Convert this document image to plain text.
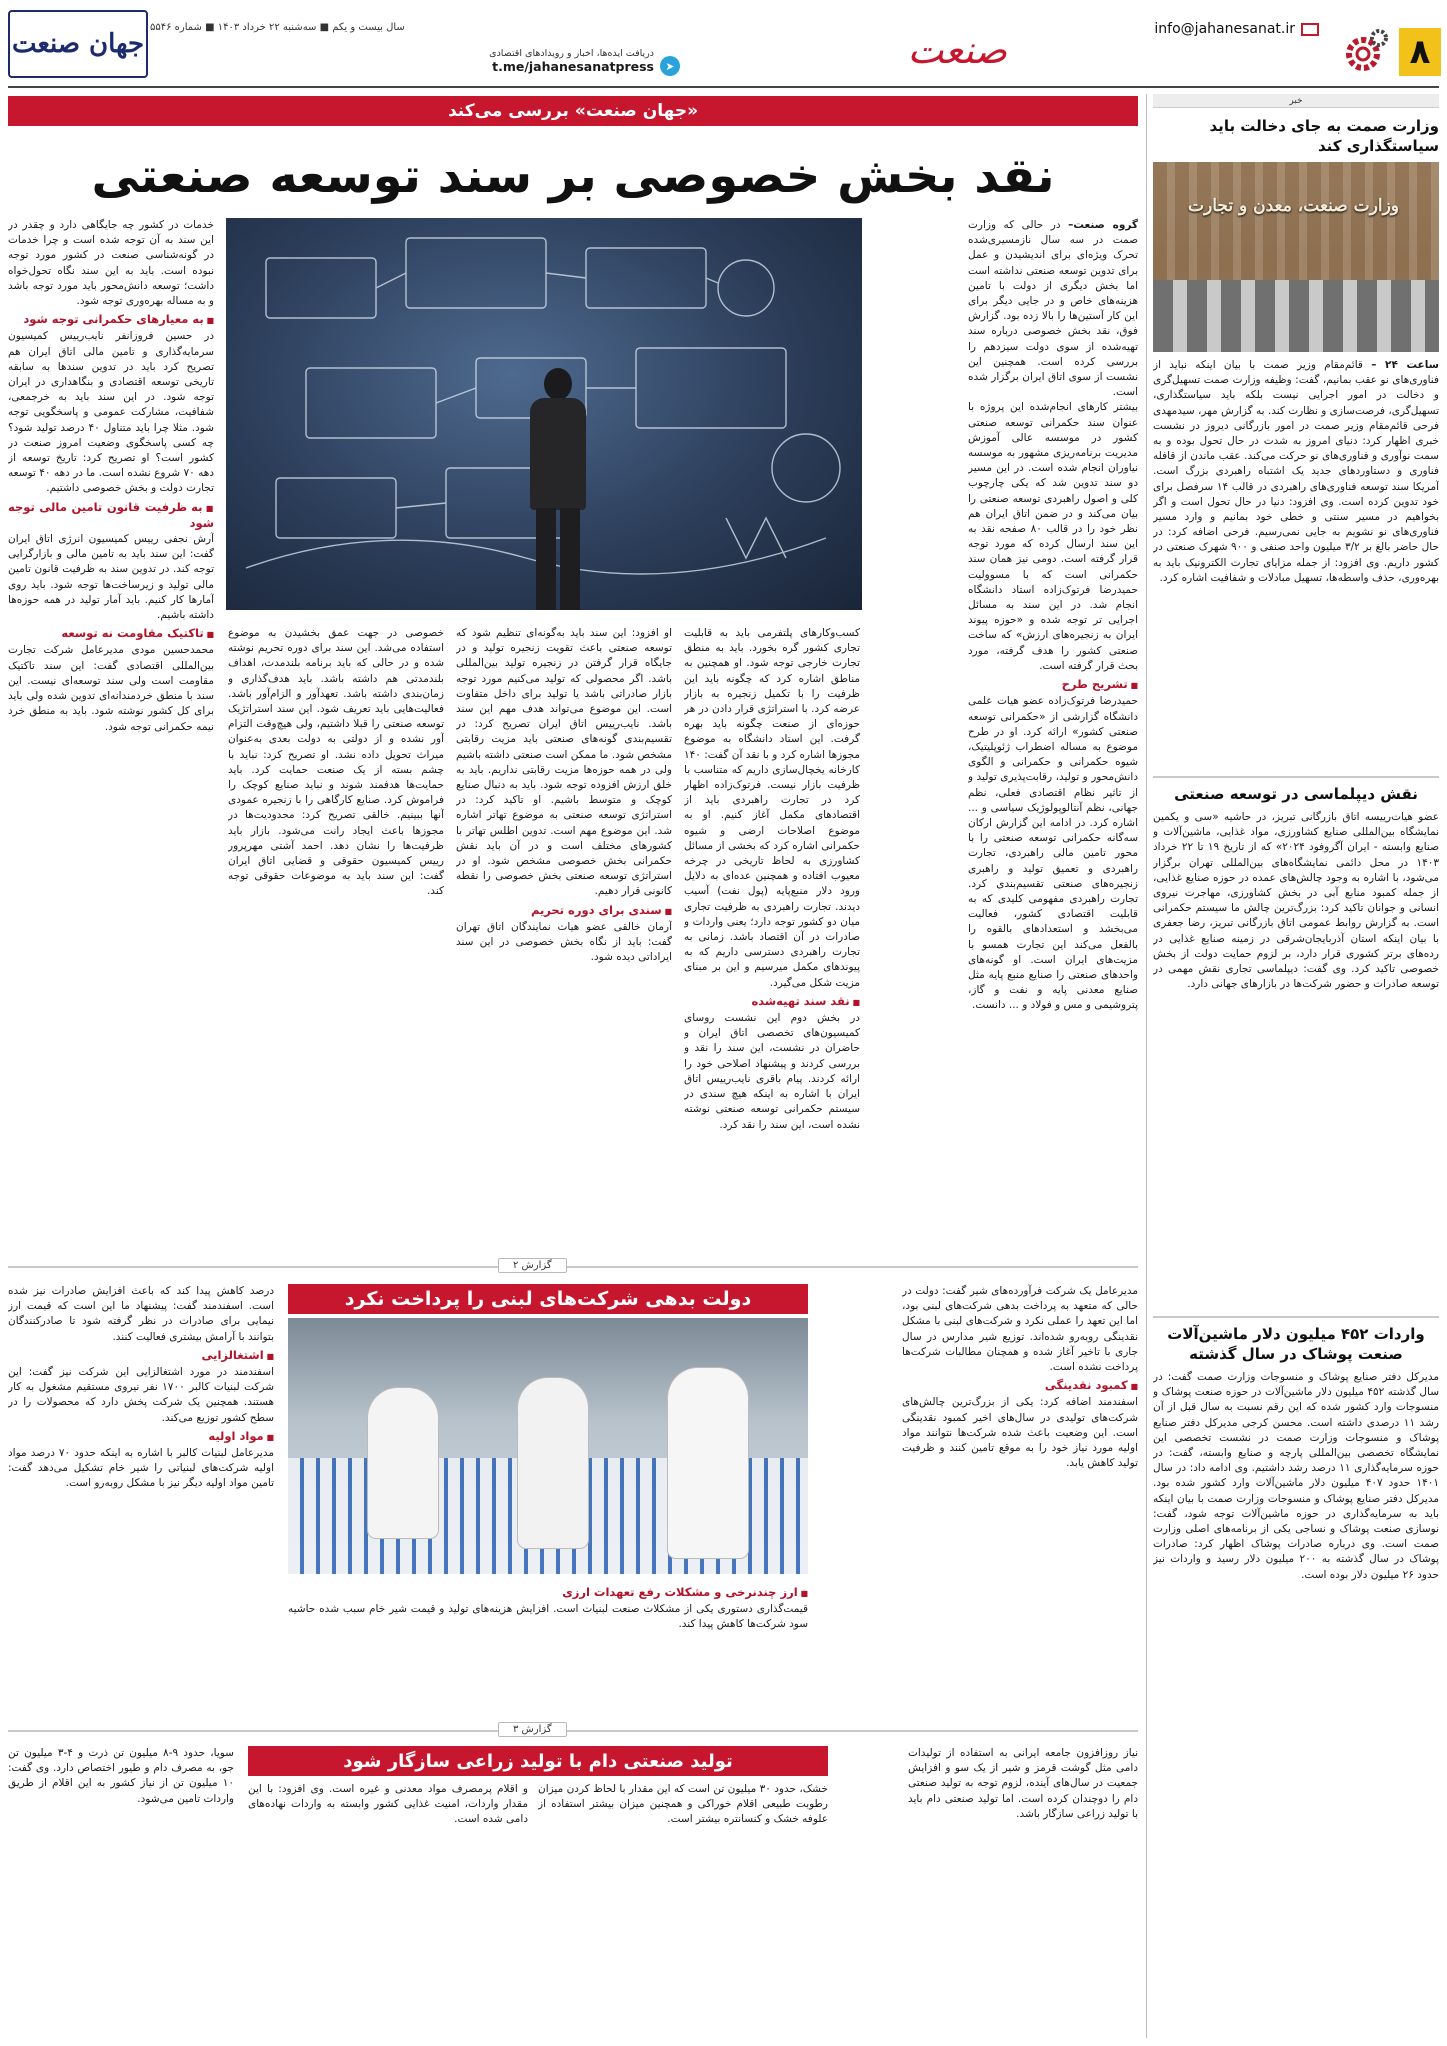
۸
info@jahanesanat.ir
صنعت
دریافت ایده‌ها، اخبار و رویدادهای اقتصادی
t.me/jahanesanatpress	➤
سال بیست و یکم ■ سه‌شنبه ۲۲ خرداد ۱۴۰۳ ■ شماره ۵۵۴۶
جهان صنعت
خبر
وزارت صمت به جای دخالت باید سیاستگذاری کند
وزارت صنعت، معدن و تجارت
ساعت ۲۴ – قائم‌مقام وزیر صمت با بیان اینکه نباید از فناوری‌های نو عقب بمانیم، گفت: وظیفه وزارت صمت تسهیل‌گری و دخالت در امور اجرایی نیست بلکه باید سیاستگذاری، تسهیل‌گری، فرصت‌سازی و نظارت کند. به گزارش مهر، سیدمهدی فرحی قائم‌مقام وزیر صمت در امور بازرگانی دیروز در نشست خبری اظهار کرد: دنیای امروز به شدت در حال تحول بوده و به سمت نوآوری و فناوری‌های نو حرکت می‌کند. عقب ماندن از قافله فناوری و دستاوردهای جدید یک اشتباه راهبردی بزرگ است. آمریکا سند توسعه فناوری‌های راهبردی در قالب ۱۴ سرفصل برای خود تدوین کرده است. وی افزود: دنیا در حال تحول است و اگر بخواهیم در مسیر سنتی و خطی خود بمانیم و وارد مسیر فناوری‌های نو نشویم به جایی نمی‌رسیم. فرحی اضافه کرد: در حال حاضر بالغ بر ۳/۲ میلیون واحد صنفی و ۹۰۰ شهرک صنعتی در کشور داریم. وی افزود: از جمله مزایای تجارت الکترونیک باید به بهره‌وری، حذف واسطه‌ها، تسهیل مبادلات و شفافیت اشاره کرد.
نقش دیپلماسی در توسعه صنعتی
عضو هیات‌رییسه اتاق بازرگانی تبریز، در حاشیه «سی و یکمین نمایشگاه بین‌المللی صنایع کشاورزی، مواد غذایی، ماشین‌آلات و صنایع وابسته - ایران آگروفود ۲۰۲۴» که از تاریخ ۱۹ تا ۲۲ خرداد ۱۴۰۳ در محل دائمی نمایشگاه‌های بین‌المللی تهران برگزار می‌شود، با اشاره به وجود چالش‌های عمده در حوزه صنایع غذایی، از جمله کمبود منابع آبی در بخش کشاورزی، مهاجرت نیروی انسانی و جوانان تاکید کرد: بزرگ‌ترین چالش ما سیستم حکمرانی است. به گزارش روابط عمومی اتاق بازرگانی تبریز، رضا جعفری با بیان اینکه استان آذربایجان‌شرقی در زمینه صنایع غذایی در رده‌های برتر کشوری قرار دارد، بر لزوم حمایت دولت از بخش خصوصی تاکید کرد. وی گفت: دیپلماسی تجاری نقش مهمی در توسعه صادرات و حضور شرکت‌ها در بازارهای جهانی دارد.
واردات ۴۵۲ میلیون دلار ماشین‌آلات صنعت پوشاک در سال گذشته
مدیرکل دفتر صنایع پوشاک و منسوجات وزارت صمت گفت: در سال گذشته ۴۵۲ میلیون دلار ماشین‌آلات در حوزه صنعت پوشاک و منسوجات وارد کشور شده که این رقم نسبت به سال قبل از آن رشد ۱۱ درصدی داشته است. محسن کرجی مدیرکل دفتر صنایع پوشاک و منسوجات وزارت صمت در نشست تخصصی این نمایشگاه تخصصی بین‌المللی پارچه و صنایع وابسته، گفت: در حوزه سرمایه‌گذاری ۱۱ درصد رشد داشتیم. وی ادامه داد: در سال ۱۴۰۱ حدود ۴۰۷ میلیون دلار ماشین‌آلات وارد کشور شده بود. مدیرکل دفتر صنایع پوشاک و منسوجات وزارت صمت با بیان اینکه باید به سرمایه‌گذاری در حوزه ماشین‌آلات توجه شود، گفت: نوسازی صنعت پوشاک و نساجی یکی از برنامه‌های اصلی وزارت صمت است. وی درباره صادرات پوشاک اظهار کرد: صادرات پوشاک در سال گذشته به ۲۰۰ میلیون دلار رسید و واردات نیز حدود ۲۶ میلیون دلار بوده است.
«جهان صنعت» بررسی می‌کند
نقد بخش خصوصی بر سند توسعه صنعتی

گروه صنعت– در حالی که وزارت صمت در سه سال نازمسیری‌شده تحرک ویژه‌ای برای اندیشیدن و عمل برای تدوین توسعه صنعتی نداشته است اما بخش دیگری از دولت با تامین هزینه‌های خاص و در جایی دیگر برای این کار آستین‌ها را بالا زده بود. گزارش فوق، نقد بخش خصوصی درباره سند تهیه‌شده از سوی دولت سیزدهم را بررسی کرده است. همچنین این نشست از سوی اتاق ایران برگزار شده است.

بیشتر کارهای انجام‌شده این پروژه با عنوان سند حکمرانی توسعه صنعتی کشور در موسسه عالی آموزش مدیریت برنامه‌ریزی مشهور به موسسه نیاوران انجام شده است. در این مسیر دو سند تدوین شد که یکی چارچوب کلی و اصول راهبردی توسعه صنعتی را بیان می‌کند و در ضمن اتاق ایران هم نظر خود را در قالب ۸۰ صفحه نقد به این سند ارسال کرده که مورد توجه قرار گرفته است. دومی نیز همان سند حکمرانی است که با مسوولیت حمیدرضا فرتوک‌زاده استاد دانشگاه انجام شد. در این سند به مسائل اجرایی تر توجه شده و «حوزه پیوند ایران به زنجیره‌های ارزش» که ساخت صنعتی کشور را هدف گرفته، مورد بحث قرار گرفته است.

■ تشریح طرح

حمیدرضا فرتوک‌زاده عضو هیات علمی دانشگاه گزارشی از «حکمرانی توسعه صنعتی کشور» ارائه کرد. او در طرح موضوع به مساله اضطراب ژئوپلیتیک، شیوه حکمرانی و حکمرانی و الگوی دانش‌محور و تولید، رقابت‌پذیری تولید و از تاثیر نظام اقتصادی فعلی، نظم جهانی، نظم آنتالوپولوژیک سیاسی و ... اشاره کرد. در ادامه این گزارش ارکان سه‌گانه حکمرانی توسعه صنعتی را با محور تامین مالی راهبردی، تجارت راهبردی و تعمیق تولید و راهبری زنجیره‌های صنعتی تقسیم‌بندی کرد. تجارت راهبردی مفهومی کلیدی که به قابلیت اقتصادی کشور، فعالیت می‌بخشد و استعدادهای بالقوه را بالفعل می‌کند این تجارت همسو با مزیت‌های ایران است. او گونه‌های واحدهای صنعتی را صنایع منبع پایه مثل صنایع معدنی پایه و نفت و گاز، پتروشیمی و مس و فولاد و ... دانست.

کسب‌وکارهای پلتفرمی باید به قابلیت تجاری کشور گره بخورد. باید به منطق تجارت خارجی توجه شود. او همچنین به مناطق اشاره کرد که چگونه باید این ظرفیت را با تکمیل زنجیره به بازار عرضه کرد. با استراتژی قرار دادن در هر حوزه‌ای از صنعت چگونه باید بهره گرفت. این استاد دانشگاه به موضوع مجوزها اشاره کرد و با نقد آن گفت: ۱۴۰ کارخانه یخچال‌سازی داریم که متناسب با ظرفیت بازار نیست. فرتوک‌زاده اظهار کرد در تجارت راهبردی باید از اقتصادهای مکمل آغاز کنیم. او به موضوع اصلاحات ارضی و شیوه حکمرانی اشاره کرد که بخشی از مسائل کشاورزی به لحاظ تاریخی در چرخه معیوب افتاده و همچنین عده‌ای به دلایل ورود دلار منبع‌پایه (پول نفت) آسیب دیدند. تجارت راهبردی به ظرفیت تجاری میان دو کشور توجه دارد؛ یعنی واردات و صادرات در آن اقتصاد باشد. زمانی به تجارت راهبردی دسترسی داریم که به پیوندهای مکمل میرسیم و این بر مبنای مزیت شکل می‌گیرد.

■ نقد سند تهیه‌شده

در بخش دوم این نشست روسای کمیسیون‌های تخصصی اتاق ایران و حاضران در نشست، این سند را نقد و بررسی کردند و پیشنهاد اصلاحی خود را ارائه کردند. پیام باقری نایب‌رییس اتاق ایران با اشاره به اینکه هیچ سندی در سیستم حکمرانی توسعه صنعتی نوشته نشده است، این سند را نقد کرد.

او افزود: این سند باید به‌گونه‌ای تنظیم شود که توسعه صنعتی باعث تقویت زنجیره تولید و در جایگاه قرار گرفتن در زنجیره تولید بین‌المللی باشد. اگر محصولی که تولید می‌کنیم مورد توجه بازار صادراتی باشد یا تولید برای داخل متفاوت است. این موضوع می‌تواند هدف مهم این سند باشد. نایب‌رییس اتاق ایران تصریح کرد: در تقسیم‌بندی گونه‌های صنعتی باید مزیت رقابتی مشخص شود. ما ممکن است صنعتی داشته باشیم ولی در همه حوزه‌ها مزیت رقابتی نداریم. باید به خلق ارزش افزوده توجه شود. باید به دنبال صنایع کوچک و متوسط باشیم. او تاکید کرد: در استراتژی توسعه صنعتی به موضوع تهاتر اشاره شد. این موضوع مهم است. تدوین اطلس تهاتر با کشورهای مختلف است و در آن باید نقش حکمرانی بخش خصوصی مشخص شود. او در استراتژی توسعه صنعتی بخش خصوصی را نقطه کانونی قرار دهیم.

■ سندی برای دوره تحریم

آرمان خالقی عضو هیات نمایندگان اتاق تهران گفت: باید از نگاه بخش خصوصی در این سند ایراداتی دیده شود.

خصوصی در جهت عمق بخشیدن به موضوع استفاده می‌شد. این سند برای دوره تحریم نوشته شده و در حالی که باید برنامه بلندمدت، اهداف بلندمدتی هم داشته باشد. باید هدف‌گذاری و زمان‌بندی داشته باشد. تعهدآور و الزام‌آور باشد. فعالیت‌هایی باید تعریف شود. این سند استراتژیک توسعه صنعتی را قبلا داشتیم، ولی هیچ‌وقت التزام آور نشده و از دولتی به دولت بعدی به‌عنوان میراث تحویل داده نشد. او تصریح کرد: نباید با چشم بسته از یک صنعت حمایت کرد. باید حمایت‌ها هدفمند شوند و نباید صنایع کوچک را فراموش کرد. صنایع کارگاهی را با زنجیره عمودی آنها ببینیم. خالقی تصریح کرد: محدودیت‌ها در مجوزها باعث ایجاد رانت می‌شود. بازار باید ظرفیت‌ها را نشان دهد. احمد آشتی مهرپرور رییس کمیسیون حقوقی و قضایی اتاق ایران گفت: این سند باید به موضوعات حقوقی توجه کند.

خدمات در کشور چه جایگاهی دارد و چقدر در این سند به آن توجه شده است و چرا خدمات در گونه‌شناسی صنعت در کشور مورد توجه نبوده است. باید به این سند نگاه تحول‌خواه داشت؛ توسعه دانش‌محور باید مورد توجه باشد و به مساله بهره‌وری توجه شود.

■ به معیارهای حکمرانی توجه شود

در حسین فروزانفر نایب‌رییس کمیسیون سرمایه‌گذاری و تامین مالی اتاق ایران هم تصریح کرد باید در تدوین سندها به سابقه تاریخی توسعه اقتصادی و بنگاهداری در ایران توجه شود. در این سند باید به خرجمعی، شفافیت، مشارکت عمومی و پاسخگویی توجه شود. مثلا چرا باید متناول ۴۰ درصد تولید شود؟ چه کسی پاسخگوی وضعیت امروز صنعت در کشور است؟ او تصریح کرد: تاریخ توسعه از دهه ۷۰ شروع نشده است. ما در دهه ۴۰ توسعه تجارت دولت و بخش خصوصی داشتیم.

■ به ظرفیت قانون تامین مالی توجه شود

آرش نجفی رییس کمیسیون انرژی اتاق ایران گفت: این سند باید به تامین مالی و بازارگرایی توجه کند. در تدوین سند به ظرفیت قانون تامین مالی تولید و زیرساخت‌ها توجه شود. باید روی آمارها کار کنیم. باید آمار تولید در همه حوزه‌ها داشته باشیم.

■ تاکتیک مقاومت نه توسعه

محمدحسین مودی مدیرعامل شرکت تجارت بین‌المللی اقتصادی گفت: این سند تاکتیک مقاومت است ولی سند توسعه‌ای نیست. این سند با منطق خردمندانه‌ای تدوین شده ولی باید برای کل کشور نوشته شود. باید به منطق خرد نیمه حکمرانی توجه شود.

گزارش ۲
دولت بدهی شرکت‌های لبنی را پرداخت نکرد	مدیرعامل یک شرکت فرآورده‌های شیر گفت: دولت در حالی که متعهد به پرداخت بدهی شرکت‌های لبنی بود، اما این تعهد را عملی نکرد و شرکت‌های لبنی با مشکل نقدینگی روبه‌رو شده‌اند. توزیع شیر مدارس در سال جاری با تاخیر آغاز شده و همچنان مطالبات شرکت‌ها پرداخت نشده است.

■ کمبود نقدینگی

اسفندمند اضافه کرد: یکی از بزرگ‌ترین چالش‌های شرکت‌های تولیدی در سال‌های اخیر کمبود نقدینگی است. این وضعیت باعث شده شرکت‌ها نتوانند مواد اولیه مورد نیاز خود را به موقع تامین کنند و ظرفیت تولید کاهش یابد.

■ ارز چندنرخی و مشکلات رفع تعهدات ارزی

قیمت‌گذاری دستوری یکی از مشکلات صنعت لبنیات است. افزایش هزینه‌های تولید و قیمت شیر خام سبب شده حاشیه سود شرکت‌ها کاهش پیدا کند.

درصد کاهش پیدا کند که باعث افزایش صادرات نیز شده است. اسفندمند گفت: پیشنهاد ما این است که قیمت ارز نیمایی برای صادرات در نظر گرفته شود تا صادرکنندگان بتوانند با آرامش بیشتری فعالیت کنند.

■ اشتغالزایی

اسفندمند در مورد اشتغالزایی این شرکت نیز گفت: این شرکت لبنیات کالبر ۱۷۰۰ نفر نیروی مستقیم مشغول به کار هستند. همچنین یک شرکت پخش دارد که محصولات را در سطح کشور توزیع می‌کند.

■ مواد اولیه

مدیرعامل لبنیات کالبر با اشاره به اینکه حدود ۷۰ درصد مواد اولیه شرکت‌های لبنیاتی را شیر خام تشکیل می‌دهد گفت: تامین مواد اولیه دیگر نیز با مشکل روبه‌رو است.

گزارش ۳
تولید صنعتی دام با تولید زراعی سازگار شود	نیاز روزافزون جامعه ایرانی به استفاده از تولیدات دامی مثل گوشت قرمز و شیر از یک سو و افزایش جمعیت در سال‌های آینده، لزوم توجه به تولید صنعتی دام را دوچندان کرده است. اما تولید صنعتی دام باید با تولید زراعی سازگار باشد.

خشک، حدود ۳۰ میلیون تن است که این مقدار با لحاظ کردن میزان رطوبت طبیعی اقلام خوراکی و همچنین میزان بیشتر استفاده از علوفه خشک و کنسانتره بیشتر است.

و اقلام پرمصرف مواد معدنی و غیره است. وی افزود: با این مقدار واردات، امنیت غذایی کشور وابسته به واردات نهاده‌های دامی شده است.

سویا، حدود ۹-۸ میلیون تن ذرت و ۴-۳ میلیون تن جو، به مصرف دام و طیور اختصاص دارد. وی گفت: ۱۰ میلیون تن از نیاز کشور به این اقلام از طریق واردات تامین می‌شود.
